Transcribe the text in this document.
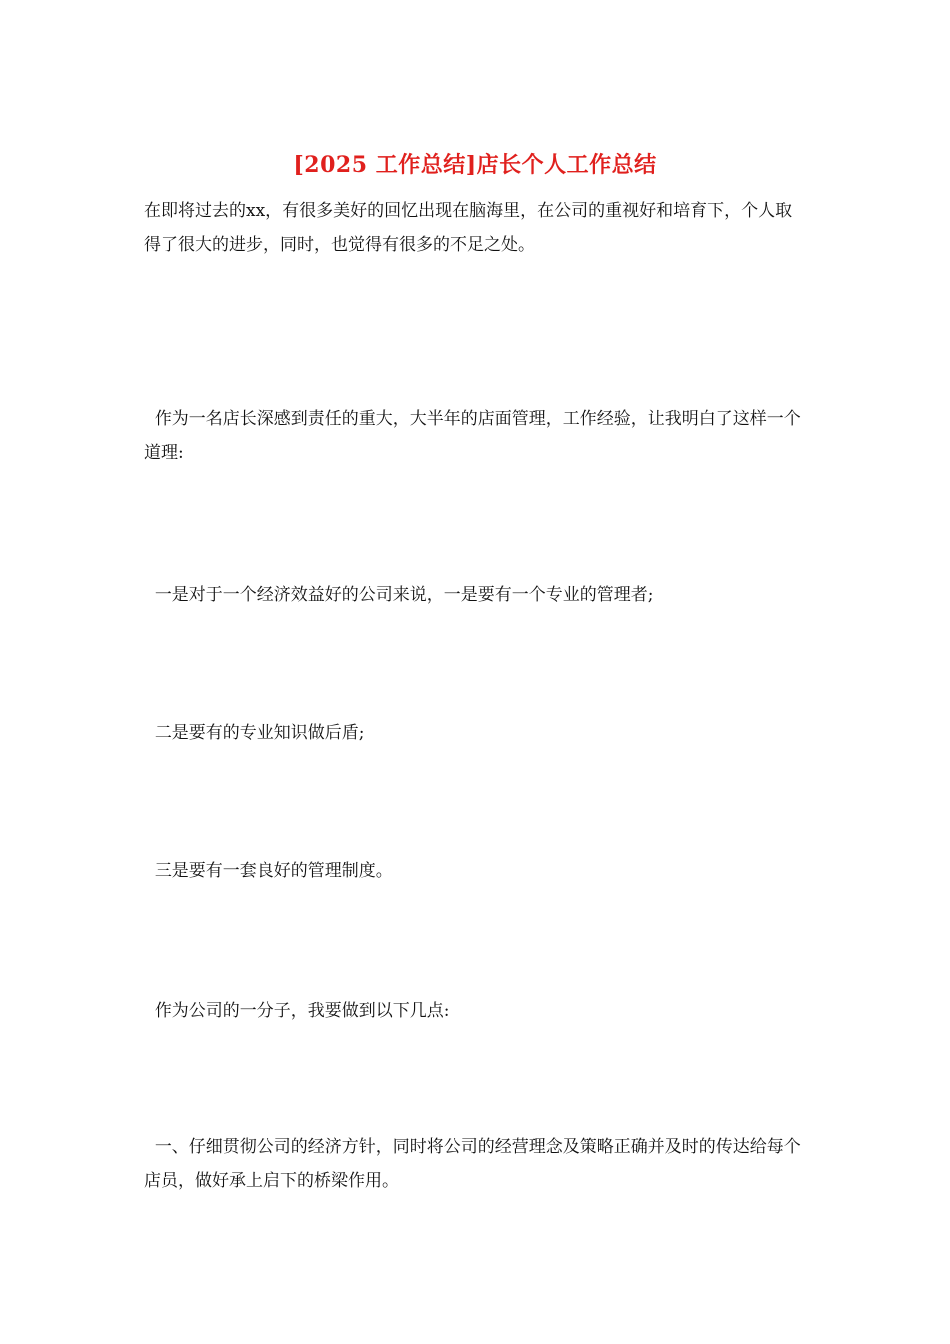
[2025 工作总结]店长个人工作总结

在即将过去的xx，有很多美好的回忆出现在脑海里，在公司的重视好和培育下，个人取得了很大的进步，同时，也觉得有很多的不足之处。

作为一名店长深感到责任的重大，大半年的店面管理，工作经验，让我明白了这样一个道理:

一是对于一个经济效益好的公司来说，一是要有一个专业的管理者;

二是要有的专业知识做后盾;

三是要有一套良好的管理制度。

作为公司的一分子，我要做到以下几点:

一、仔细贯彻公司的经济方针，同时将公司的经营理念及策略正确并及时的传达给每个店员，做好承上启下的桥梁作用。
